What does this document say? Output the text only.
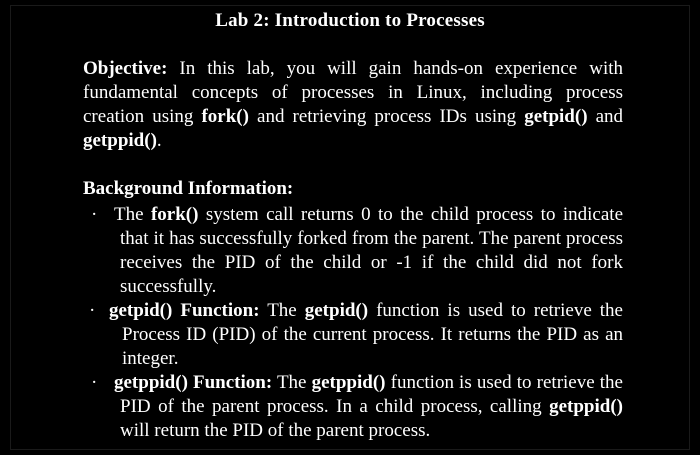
Lab 2: Introduction to Processes
Objective: In this lab, you will gain hands-on experience with fundamental concepts of processes in Linux, including process creation using fork() and retrieving process IDs using getpid() and getppid().
Background Information:
· The fork() system call returns 0 to the child process to indicate that it has successfully forked from the parent. The parent process receives the PID of the child or -1 if the child did not fork successfully.
· getpid() Function: The getpid() function is used to retrieve the Process ID (PID) of the current process. It returns the PID as an integer.
· getppid() Function: The getppid() function is used to retrieve the PID of the parent process. In a child process, calling getppid() will return the PID of the parent process.
